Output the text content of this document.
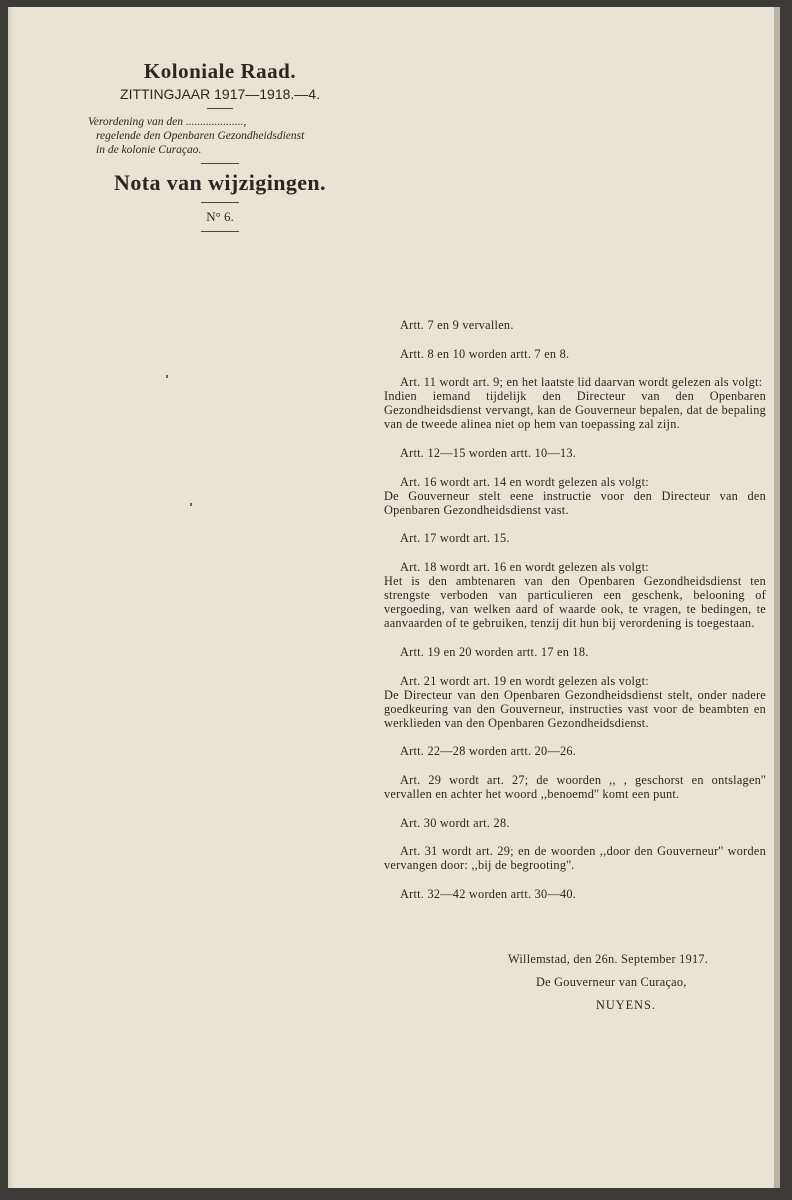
Koloniale Raad.
ZITTINGJAAR 1917—1918.—4.
Verordening van den ....................,
regelende den Openbaren Gezondheidsdienst
in de kolonie Curaçao.
Nota van wijzigingen.
N° 6.

Artt. 7 en 9 vervallen.

Artt. 8 en 10 worden artt. 7 en 8.

Art. 11 wordt art. 9; en het laatste lid daarvan wordt gelezen als volgt:
Indien iemand tijdelijk den Directeur van den Openbaren Gezondheidsdienst vervangt, kan de Gouverneur bepalen, dat de bepaling van de tweede alinea niet op hem van toepassing zal zijn.

Artt. 12—15 worden artt. 10—13.

Art. 16 wordt art. 14 en wordt gelezen als volgt:
De Gouverneur stelt eene instructie voor den Directeur van den Openbaren Gezondheidsdienst vast.

Art. 17 wordt art. 15.

Art. 18 wordt art. 16 en wordt gelezen als volgt:
Het is den ambtenaren van den Openbaren Gezondheidsdienst ten strengste verboden van particulieren een geschenk, belooning of vergoeding, van welken aard of waarde ook, te vragen, te bedingen, te aanvaarden of te gebruiken, tenzij dit hun bij verordening is toegestaan.

Artt. 19 en 20 worden artt. 17 en 18.

Art. 21 wordt art. 19 en wordt gelezen als volgt:
De Directeur van den Openbaren Gezondheidsdienst stelt, onder nadere goedkeuring van den Gouverneur, instructies vast voor de beambten en werklieden van den Openbaren Gezondheidsdienst.

Artt. 22—28 worden artt. 20—26.

Art. 29 wordt art. 27; de woorden ,, , geschorst en ontslagen'' vervallen en achter het woord ,,benoemd'' komt een punt.

Art. 30 wordt art. 28.

Art. 31 wordt art. 29; en de woorden ,,door den Gouverneur'' worden vervangen door: ,,bij de begrooting''.

Artt. 32—42 worden artt. 30—40.

Willemstad, den 26n. September 1917.
De Gouverneur van Curaçao,
NUYENS.
